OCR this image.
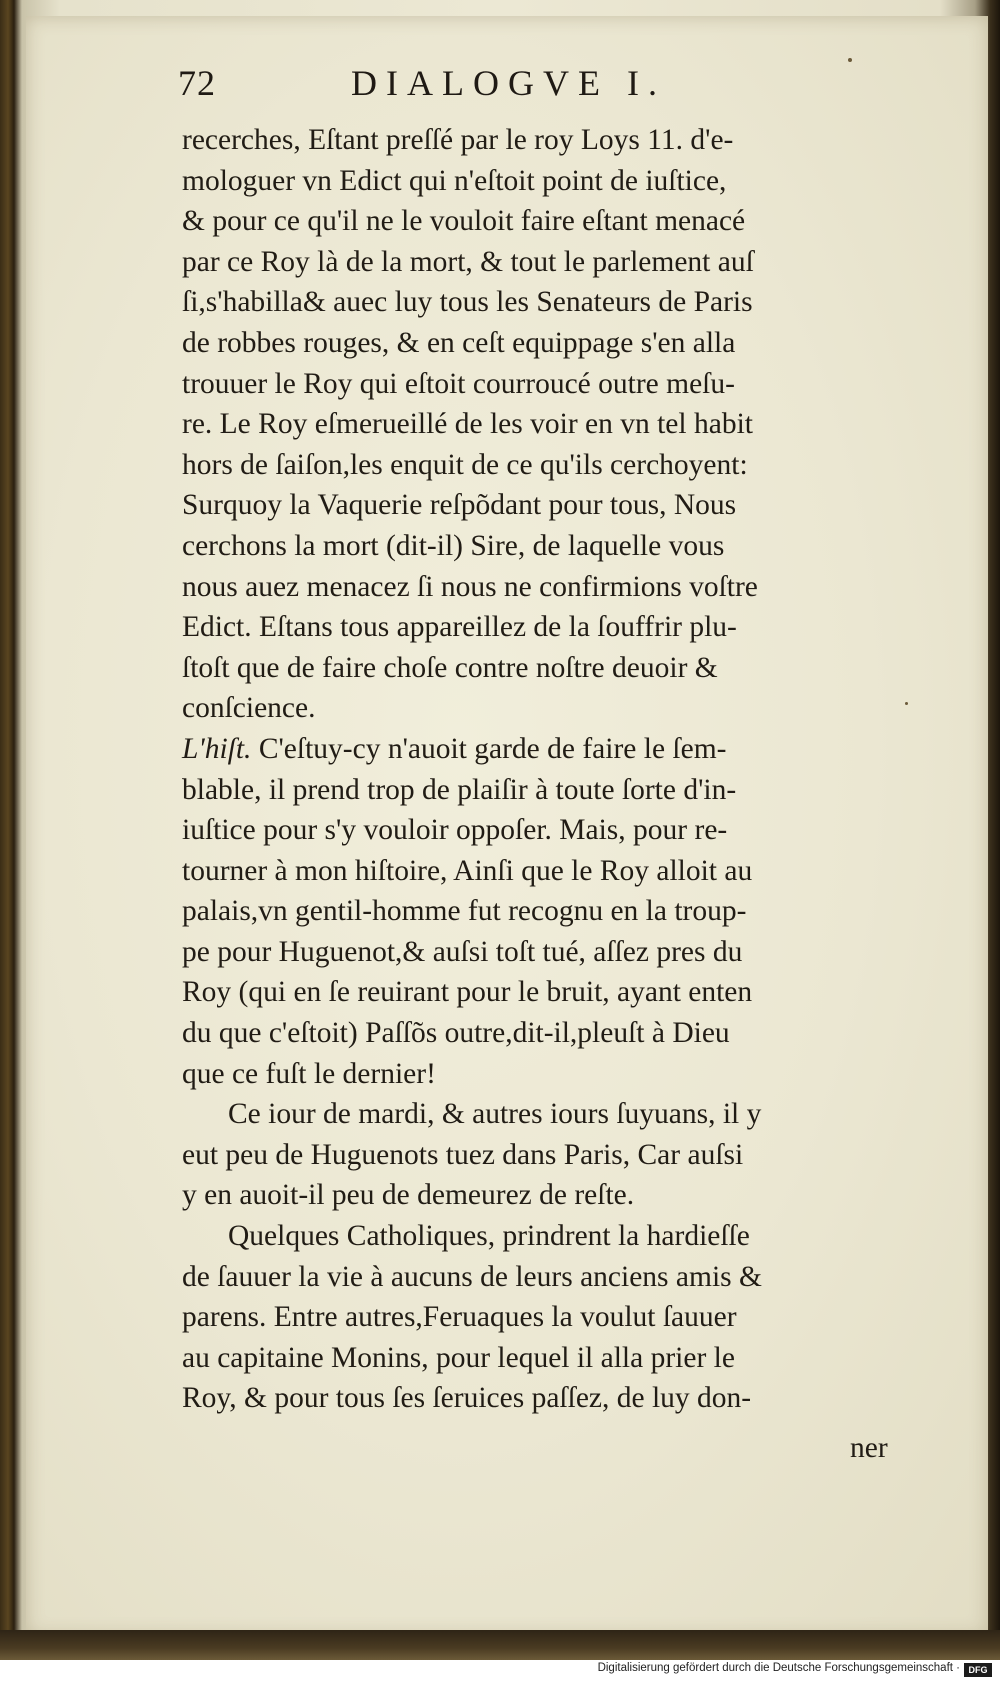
72	DIALOGVE I.
recerches, Eſtant preſſé par le roy Loys 11. d'e-
mologuer vn Edict qui n'eſtoit point de iuſtice,
& pour ce qu'il ne le vouloit faire eſtant menacé
par ce Roy là de la mort, & tout le parlement auſ
ſi,s'habilla& auec luy tous les Senateurs de Paris
de robbes rouges, & en ceſt equippage s'en alla
trouuer le Roy qui eſtoit courroucé outre meſu-
re. Le Roy eſmerueillé de les voir en vn tel habit
hors de ſaiſon,les enquit de ce qu'ils cerchoyent:
Surquoy la Vaquerie reſpõdant pour tous, Nous
cerchons la mort (dit-il) Sire, de laquelle vous
nous auez menacez ſi nous ne confirmions voſtre
Edict. Eſtans tous appareillez de la ſouffrir plu-
ſtoſt que de faire choſe contre noſtre deuoir &
conſcience.
L'hiſt. C'eſtuy-cy n'auoit garde de faire le ſem-
blable, il prend trop de plaiſir à toute ſorte d'in-
iuſtice pour s'y vouloir oppoſer. Mais, pour re-
tourner à mon hiſtoire, Ainſi que le Roy alloit au
palais,vn gentil-homme fut recognu en la troup-
pe pour Huguenot,& auſsi toſt tué, aſſez pres du
Roy (qui en ſe reuirant pour le bruit, ayant enten
du que c'eſtoit) Paſſõs outre,dit-il,pleuſt à Dieu
que ce fuſt le dernier!
Ce iour de mardi, & autres iours ſuyuans, il y
eut peu de Huguenots tuez dans Paris, Car auſsi
y en auoit-il peu de demeurez de reſte.
Quelques Catholiques, prindrent la hardieſſe
de ſauuer la vie à aucuns de leurs anciens amis &
parens. Entre autres,Feruaques la voulut ſauuer
au capitaine Monins, pour lequel il alla prier le
Roy, & pour tous ſes ſeruices paſſez, de luy don-
ner
Digitalisierung gefördert durch die Deutsche Forschungsgemeinschaft · DFG
